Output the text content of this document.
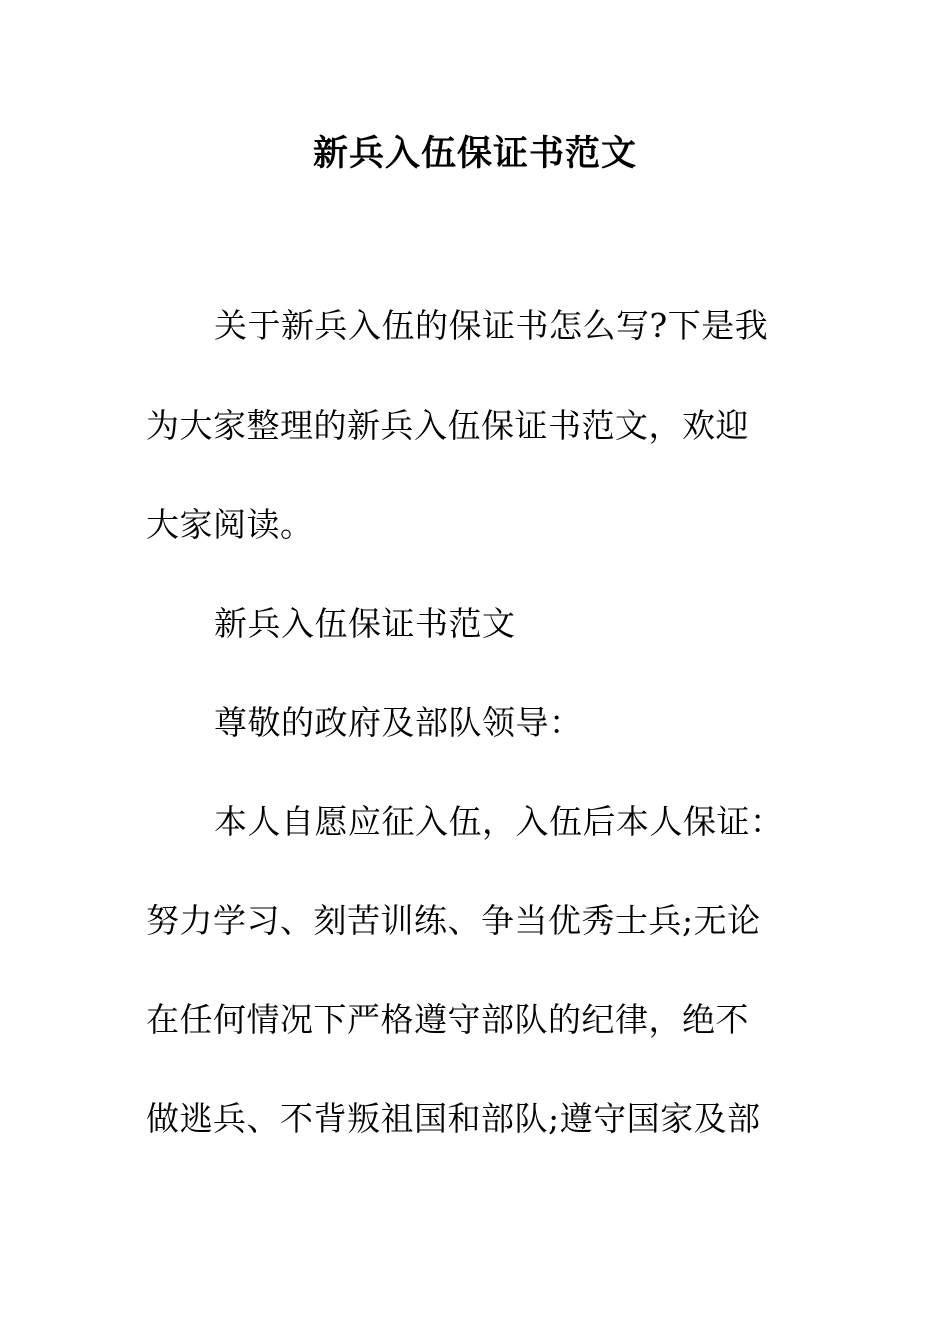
新兵入伍保证书范文
关于新兵入伍的保证书怎么写?下是我
为大家整理的新兵入伍保证书范文，欢迎
大家阅读。
新兵入伍保证书范文
尊敬的政府及部队领导：
本人自愿应征入伍，入伍后本人保证：
努力学习、刻苦训练、争当优秀士兵;无论
在任何情况下严格遵守部队的纪律，绝不
做逃兵、不背叛祖国和部队;遵守国家及部
